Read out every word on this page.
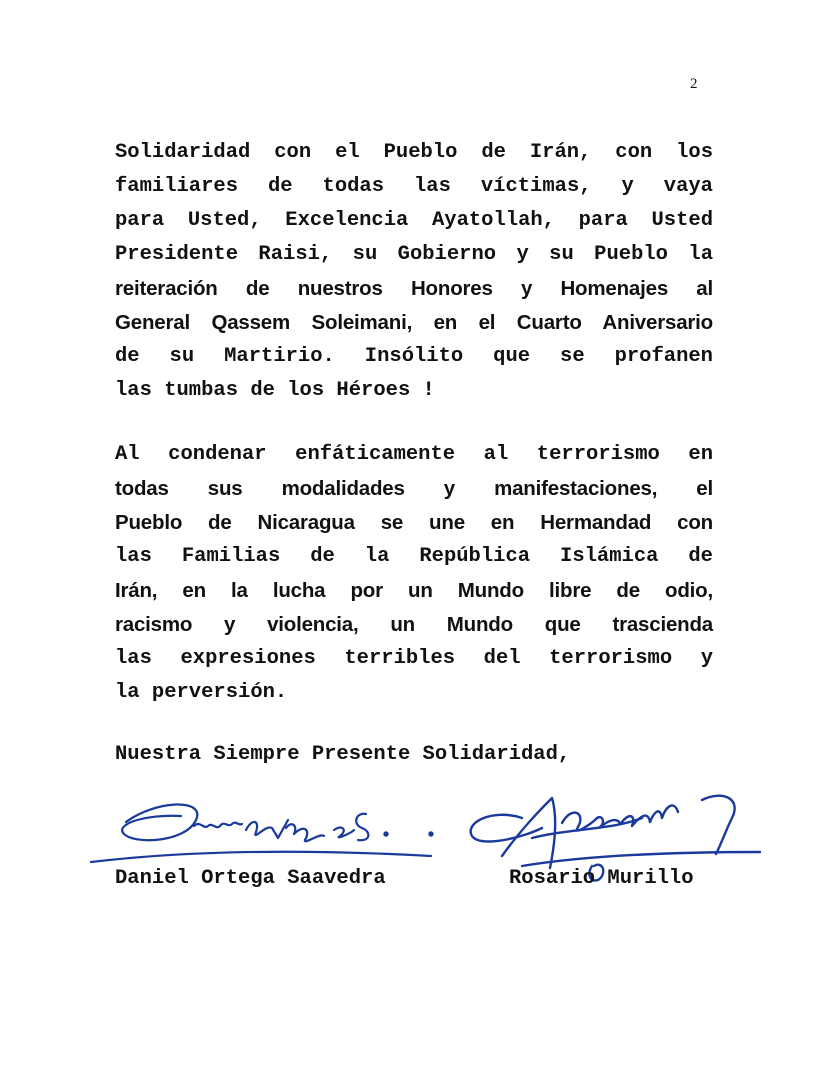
2

Solidaridad con el Pueblo de Irán, con los
familiares de todas las víctimas, y vaya
para Usted, Excelencia Ayatollah, para Usted
Presidente Raisi, su Gobierno y su Pueblo la
reiteración de nuestros Honores y Homenajes al
General Qassem Soleimani, en el Cuarto Aniversario
de su Martirio. Insólito que se profanen
las tumbas de los Héroes !

Al condenar enfáticamente al terrorismo en
todas sus modalidades y manifestaciones, el
Pueblo de Nicaragua se une en Hermandad con
las Familias de la República Islámica de
Irán, en la lucha por un Mundo libre de odio,
racismo y violencia, un Mundo que trascienda
las expresiones terribles del terrorismo y
la perversión.

Nuestra Siempre Presente Solidaridad,
Daniel Ortega Saavedra	Rosario Murillo
